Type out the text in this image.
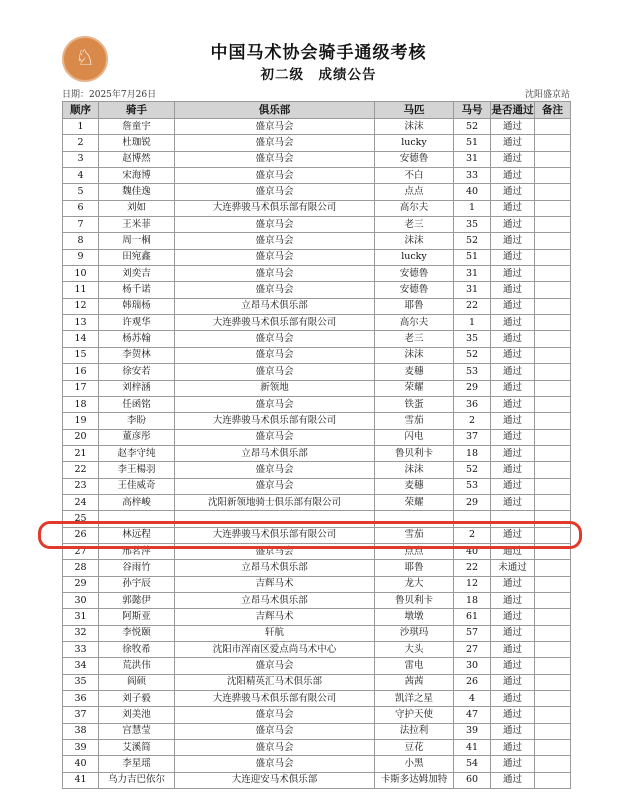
♘	中国马术协会骑手通级考核
初二级　成绩公告
日期：2025年7月26日	沈阳盛京站
顺序	骑手	俱乐部	马匹	马号	是否通过	备注
1	詹童宇	盛京马会	沫沫	52	通过	
2	杜珈锐	盛京马会	lucky	51	通过	
3	赵博然	盛京马会	安德鲁	31	通过	
4	宋海博	盛京马会	不白	33	通过	
5	魏佳逸	盛京马会	点点	40	通过	
6	刘如	大连骅骏马术俱乐部有限公司	高尔夫	1	通过	
7	王米菲	盛京马会	老三	35	通过	
8	周一桐	盛京马会	沫沫	52	通过	
9	田宛鑫	盛京马会	lucky	51	通过	
10	刘奕吉	盛京马会	安德鲁	31	通过	
11	杨千诺	盛京马会	安德鲁	31	通过	
12	韩瑞杨	立昂马术俱乐部	耶鲁	22	通过	
13	许观华	大连骅骏马术俱乐部有限公司	高尔夫	1	通过	
14	杨苏翰	盛京马会	老三	35	通过	
15	李贺林	盛京马会	沫沫	52	通过	
16	徐安若	盛京马会	麦穗	53	通过	
17	刘梓涵	新领地	荣耀	29	通过	
18	任函铭	盛京马会	铁蛋	36	通过	
19	李盼	大连骅骏马术俱乐部有限公司	雪茄	2	通过	
20	董彦彤	盛京马会	闪电	37	通过	
21	赵李守纯	立昂马术俱乐部	鲁贝利卡	18	通过	
22	李王楊羽	盛京马会	沫沫	52	通过	
23	王佳威奇	盛京马会	麦穗	53	通过	
24	高梓峻	沈阳新领地骑士俱乐部有限公司	荣耀	29	通过	
25						
26	林远程	大连骅骏马术俱乐部有限公司	雪茄	2	通过	
27	邢茗萍	盛京马会	点点	40	通过	
28	谷雨竹	立昂马术俱乐部	耶鲁	22	未通过	
29	孙宇辰	吉辉马术	龙大	12	通过	
30	郭懿伊	立昂马术俱乐部	鲁贝利卡	18	通过	
31	阿斯亚	吉辉马术	墩墩	61	通过	
32	李悦颐	轩航	沙琪玛	57	通过	
33	徐牧希	沈阳市浑南区爱点尚马术中心	大头	27	通过	
34	荒洪伟	盛京马会	雷电	30	通过	
35	阎硕	沈阳精英汇马术俱乐部	茜茜	26	通过	
36	刘子毅	大连骅骏马术俱乐部有限公司	凯洋之星	4	通过	
37	刘美池	盛京马会	守护天使	47	通过	
38	宫慧莹	盛京马会	法拉利	39	通过	
39	艾溪简	盛京马会	豆花	41	通过	
40	李星瑶	盛京马会	小黑	54	通过	
41	乌力吉巴依尔	大连迎安马术俱乐部	卡斯多达姆加特	60	通过	
